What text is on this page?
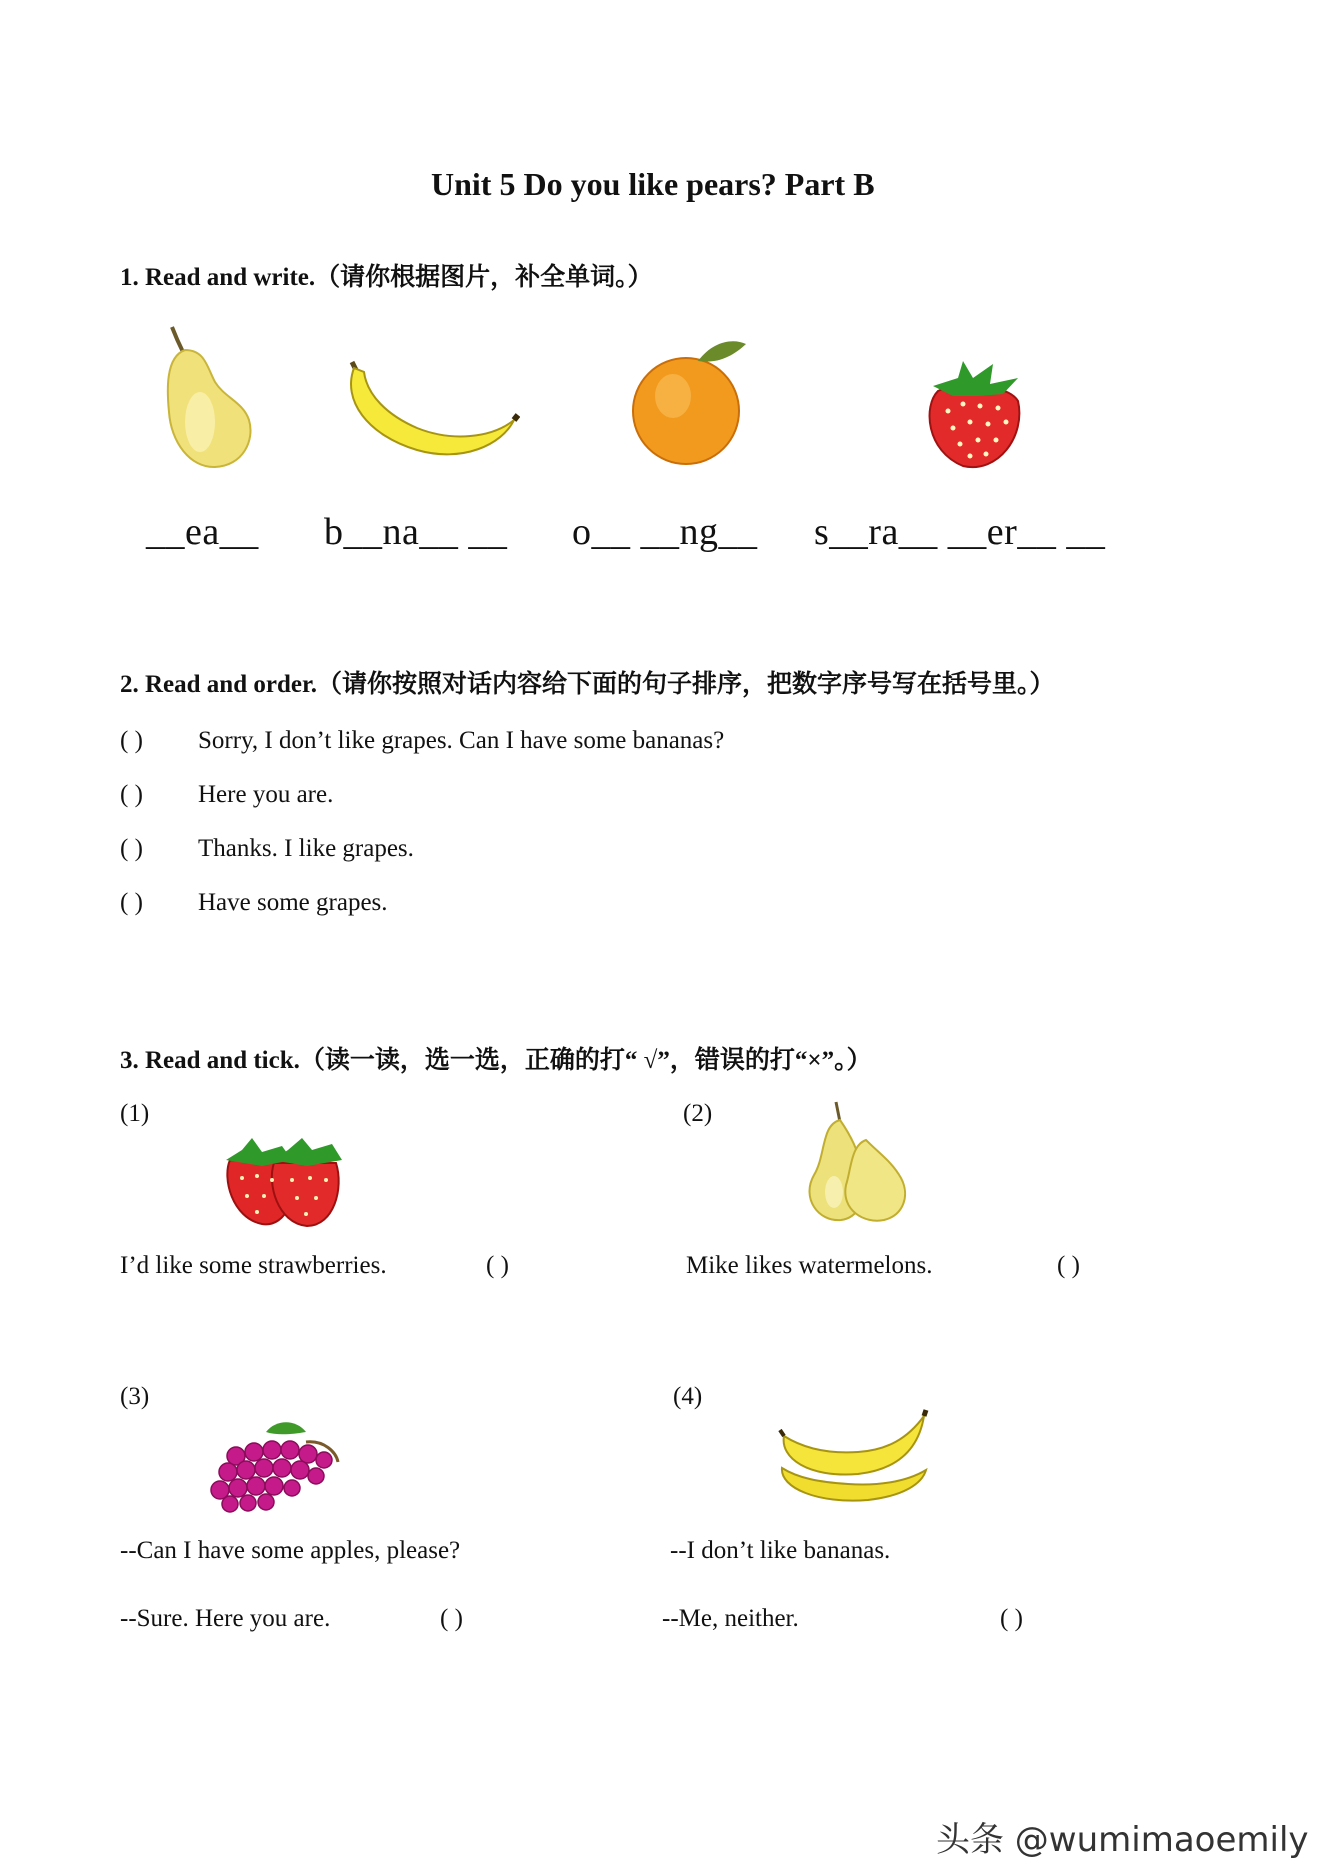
Unit 5 Do you like pears? Part B
1. Read and write.（请你根据图片，补全单词。）
__ea__ b__na__ __ o__ __ng__ s__ra__ __er__ __
2. Read and order.（请你按照对话内容给下面的句子排序，把数字序号写在括号里。）
( ) Sorry, I don’t like grapes. Can I have some bananas?
( ) Here you are.
( ) Thanks. I like grapes.
( ) Have some grapes.
3. Read and tick.（读一读，选一选，正确的打“ √”，错误的打“×”。）
(1)
I’d like some strawberries.	( )
(2)
Mike likes watermelons.	( )
(3)
--Can I have some apples, please?
--Sure. Here you are.	( )
(4)
--I don’t like bananas.
--Me, neither.	( )
头条 @wumimaoemily
